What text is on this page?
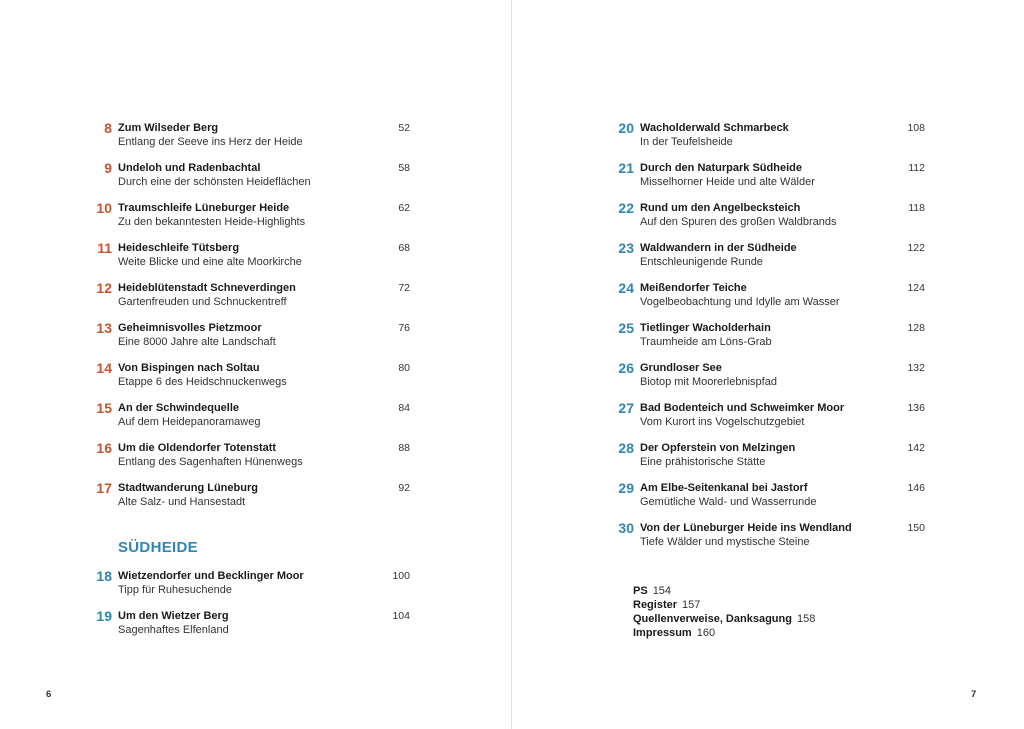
8 Zum Wilseder Berg
Entlang der Seeve ins Herz der Heide
52
9 Undeloh und Radenbachtal
Durch eine der schönsten Heideflächen
58
10 Traumschleife Lüneburger Heide
Zu den bekanntesten Heide-Highlights
62
11 Heideschleife Tütsberg
Weite Blicke und eine alte Moorkirche
68
12 Heideblütenstadt Schneverdingen
Gartenfreuden und Schnuckentreff
72
13 Geheimnisvolles Pietzmoor
Eine 8000 Jahre alte Landschaft
76
14 Von Bispingen nach Soltau
Etappe 6 des Heidschnuckenwegs
80
15 An der Schwindequelle
Auf dem Heidepanoramaweg
84
16 Um die Oldendorfer Totenstatt
Entlang des Sagenhaften Hünenwegs
88
17 Stadtwanderung Lüneburg
Alte Salz- und Hansestadt
92
SÜDHEIDE
18 Wietzendorfer und Becklinger Moor
Tipp für Ruhesuchende
100
19 Um den Wietzer Berg
Sagenhaftes Elfenland
104
6
20 Wacholderwald Schmarbeck
In der Teufelsheide
108
21 Durch den Naturpark Südheide
Misselhorner Heide und alte Wälder
112
22 Rund um den Angelbecksteich
Auf den Spuren des großen Waldbrands
118
23 Waldwandern in der Südheide
Entschleunigende Runde
122
24 Meißendorfer Teiche
Vogelbeobachtung und Idylle am Wasser
124
25 Tietlinger Wacholderhain
Traumheide am Löns-Grab
128
26 Grundloser See
Biotop mit Moorerlebnispfad
132
27 Bad Bodenteich und Schweimker Moor
Vom Kurort ins Vogelschutzgebiet
136
28 Der Opferstein von Melzingen
Eine prähistorische Stätte
142
29 Am Elbe-Seitenkanal bei Jastorf
Gemütliche Wald- und Wasserrunde
146
30 Von der Lüneburger Heide ins Wendland
Tiefe Wälder und mystische Steine
150
PS 154
Register 157
Quellenverweise, Danksagung 158
Impressum 160
7
